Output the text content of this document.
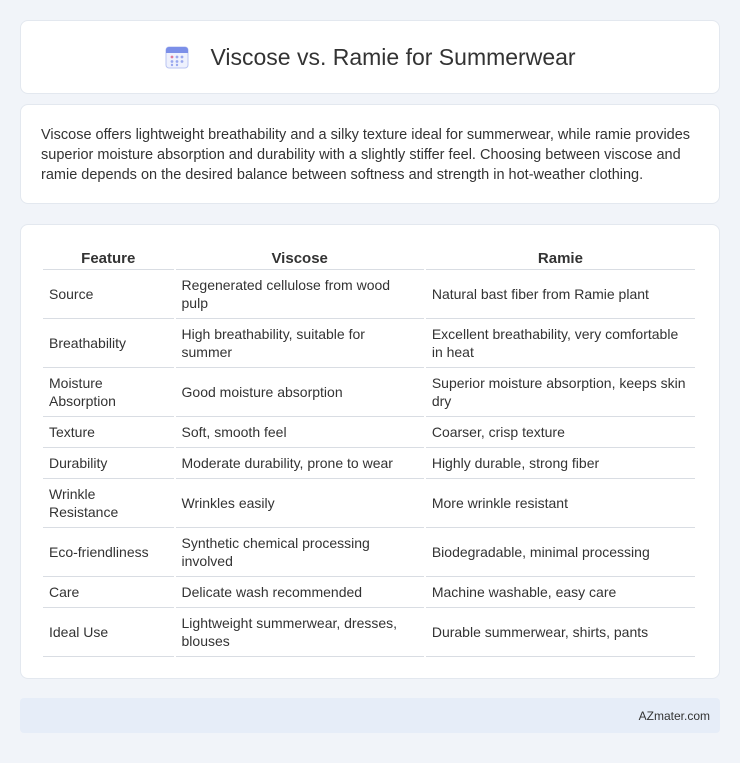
Viscose vs. Ramie for Summerwear

Viscose offers lightweight breathability and a silky texture ideal for summerwear, while ramie provides superior moisture absorption and durability with a slightly stiffer feel. Choosing between viscose and ramie depends on the desired balance between softness and strength in hot-weather clothing.

Feature	Viscose	Ramie
Source	Regenerated cellulose from wood pulp	Natural bast fiber from Ramie plant
Breathability	High breathability, suitable for summer	Excellent breathability, very comfortable in heat
Moisture Absorption	Good moisture absorption	Superior moisture absorption, keeps skin dry
Texture	Soft, smooth feel	Coarser, crisp texture
Durability	Moderate durability, prone to wear	Highly durable, strong fiber
Wrinkle Resistance	Wrinkles easily	More wrinkle resistant
Eco-friendliness	Synthetic chemical processing involved	Biodegradable, minimal processing
Care	Delicate wash recommended	Machine washable, easy care
Ideal Use	Lightweight summerwear, dresses, blouses	Durable summerwear, shirts, pants
AZmater.com
